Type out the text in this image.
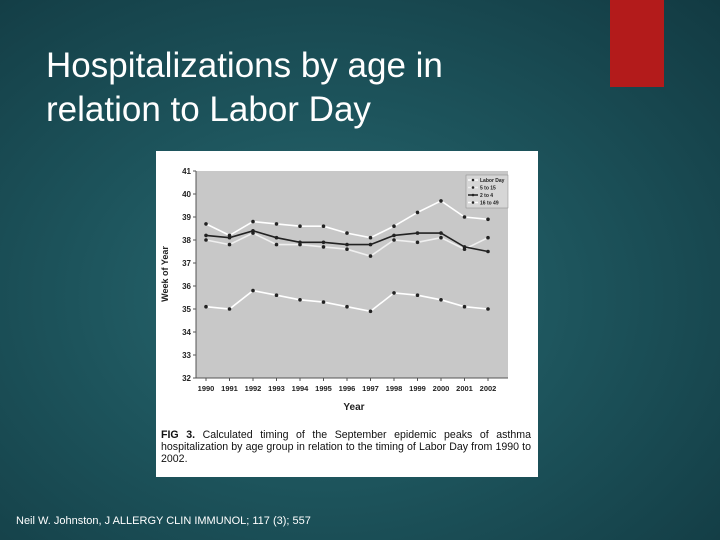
Hospitalizations by age in
relation to Labor Day
32
33
34
35
36
37
38
39
40
41
1990 1991 1992 1993 1994 1995 1996 1997 1998 1999 2000 2001 2002
Labor Day
5 to 15
2 to 4
16 to 49
Week of Year
Year
FIG 3. Calculated timing of the September epidemic peaks of asthma hospitalization by age group in relation to the timing of Labor Day from 1990 to 2002.
Neil W. Johnston, J ALLERGY CLIN IMMUNOL; 117 (3); 557
